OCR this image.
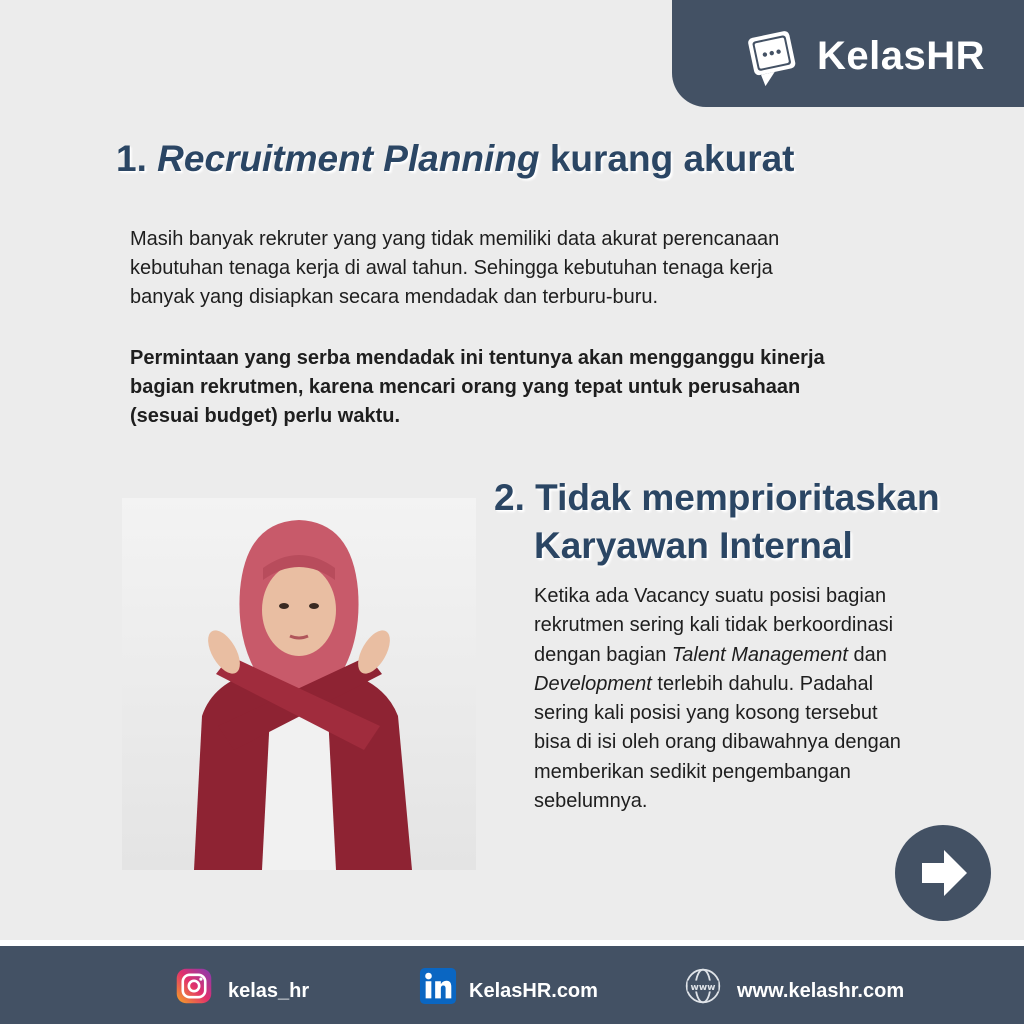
KelasHR
1. Recruitment Planning kurang akurat

Masih banyak rekruter yang yang tidak memiliki data akurat perencanaan
kebutuhan tenaga kerja di awal tahun. Sehingga kebutuhan tenaga kerja
banyak yang disiapkan secara mendadak dan terburu-buru.

Permintaan yang serba mendadak ini tentunya akan mengganggu kinerja
bagian rekrutmen, karena mencari orang yang tepat untuk perusahaan
(sesuai budget) perlu waktu.

2. Tidak memprioritaskan
Karyawan Internal

Ketika ada Vacancy suatu posisi bagian
rekrutmen sering kali tidak berkoordinasi
dengan bagian Talent Management dan
Development terlebih dahulu. Padahal
sering kali posisi yang kosong tersebut
bisa di isi oleh orang dibawahnya dengan
memberikan sedikit pengembangan
sebelumnya.

kelas_hr	KelasHR.com	www www.kelashr.com
